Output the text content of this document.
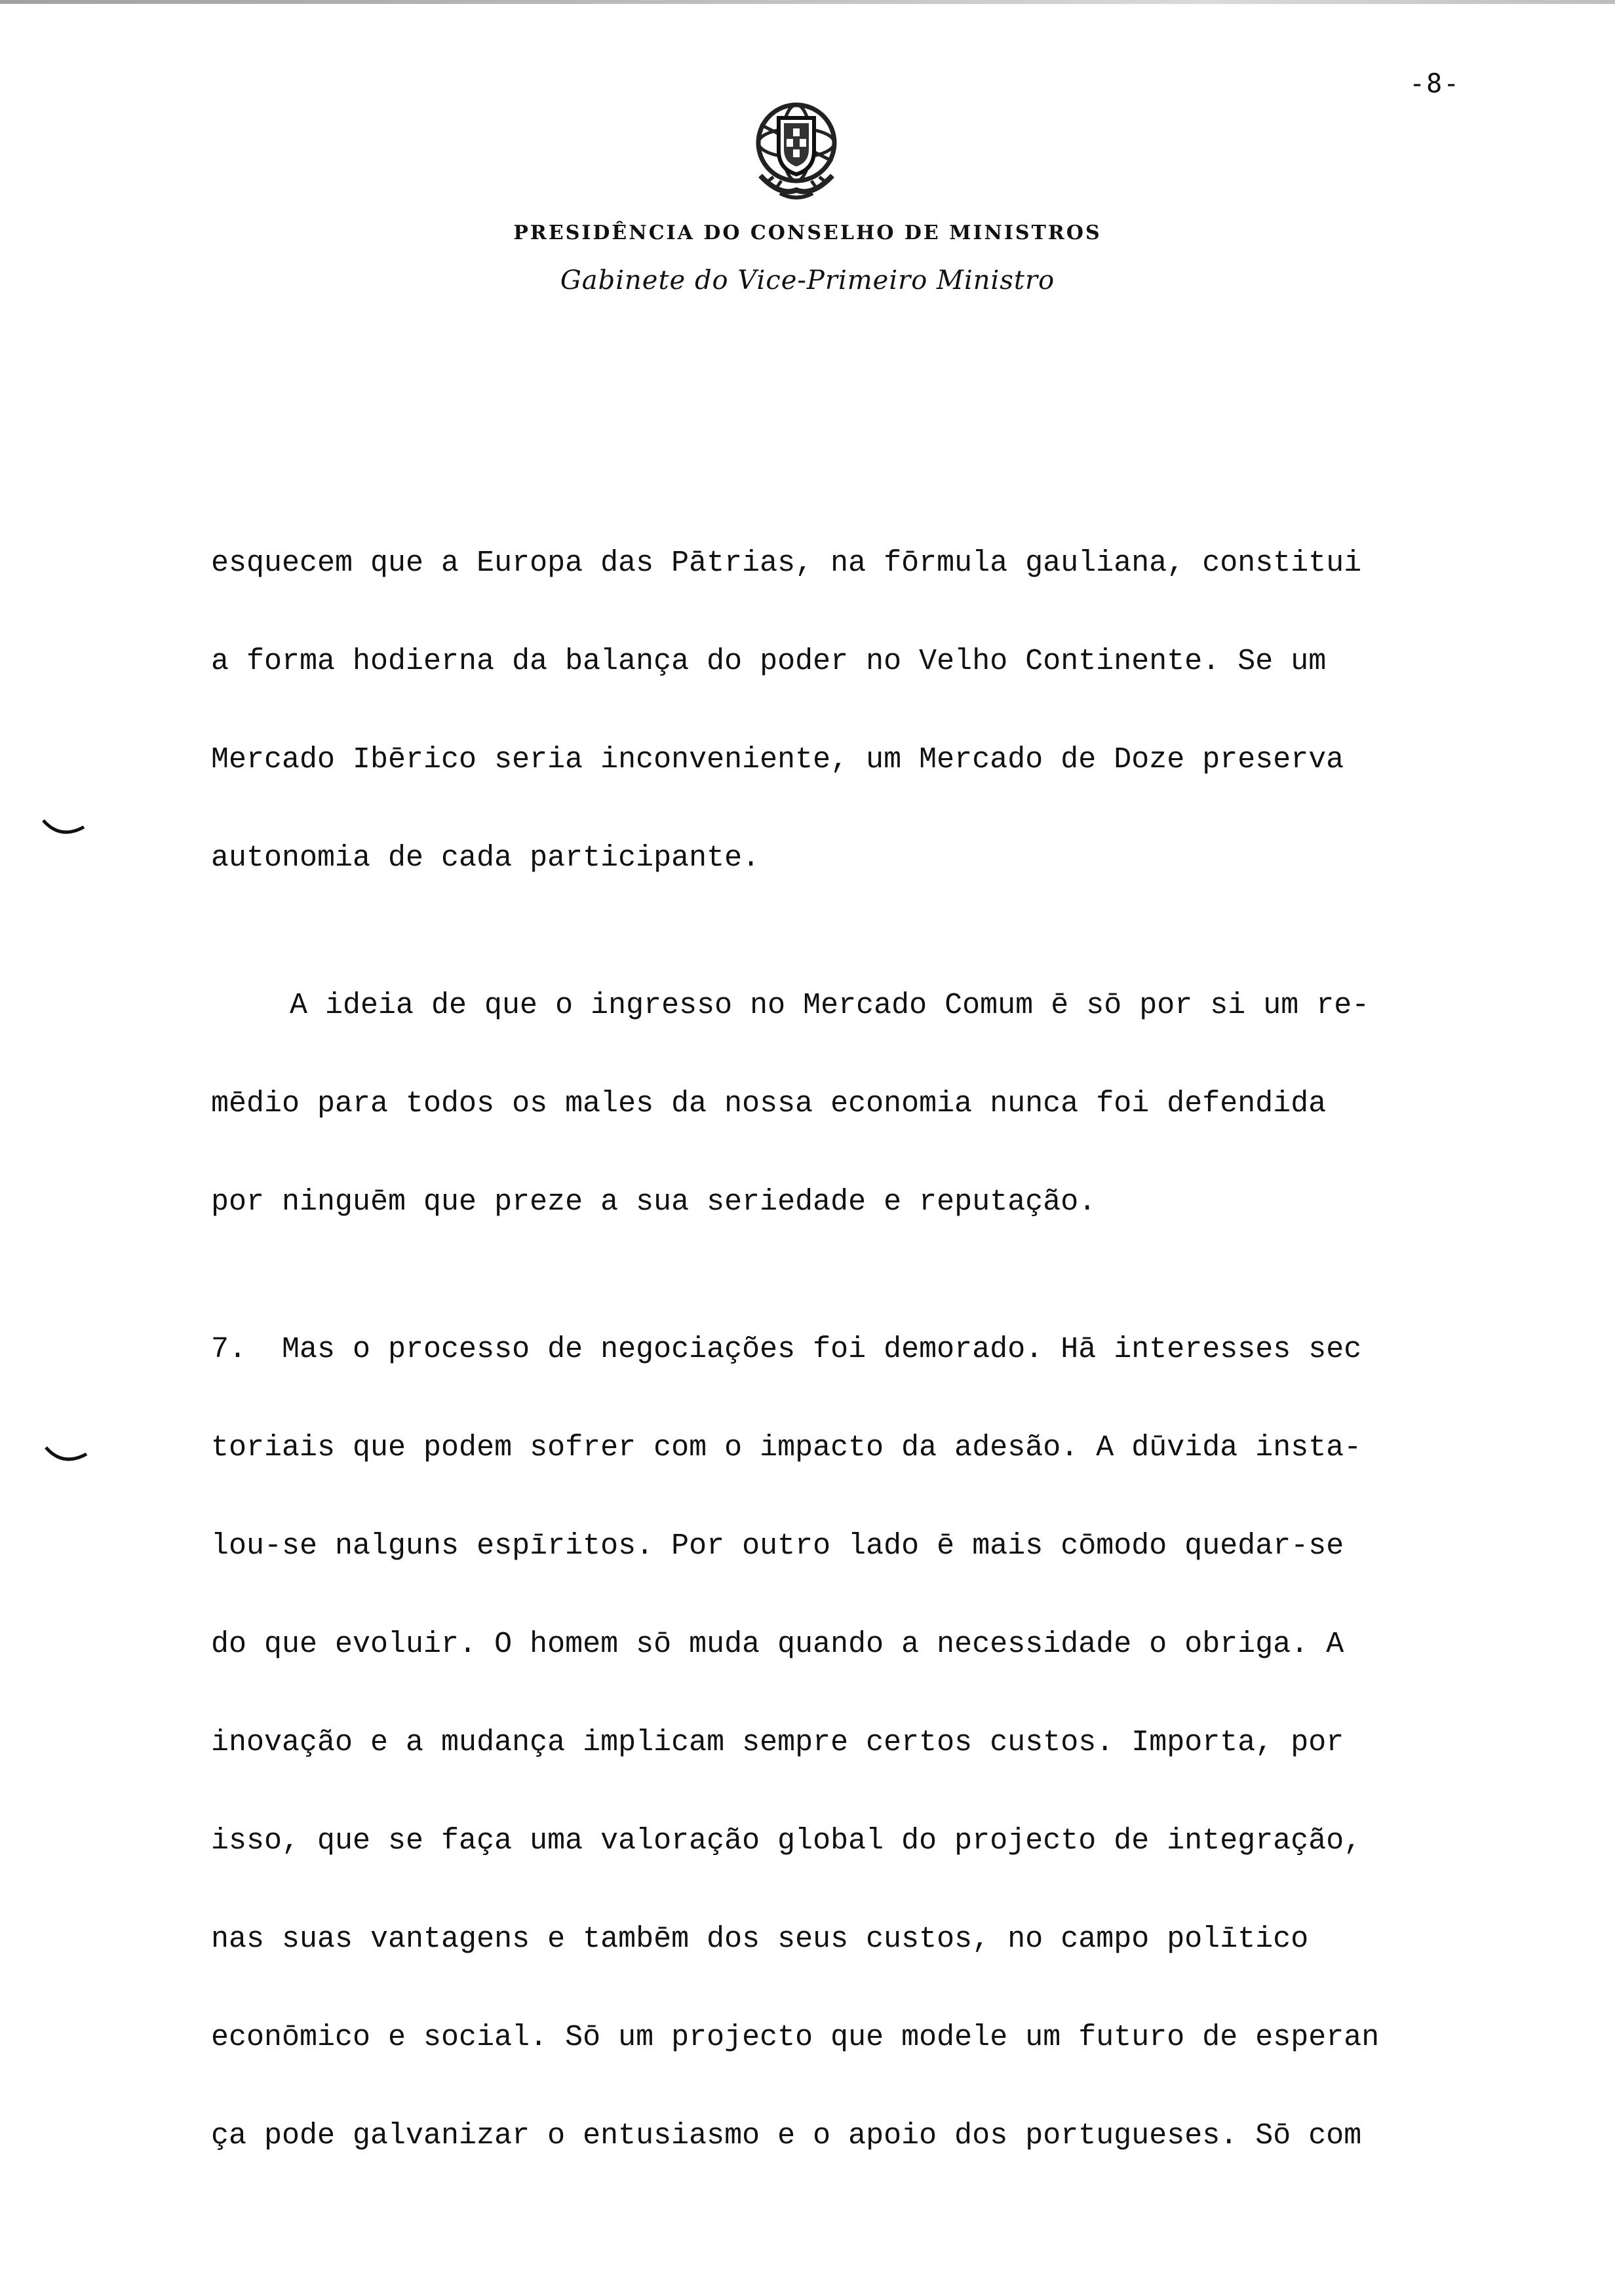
-8-
PRESIDÊNCIA DO CONSELHO DE MINISTROS
Gabinete do Vice-Primeiro Ministro
esquecem que a Europa das Pātrias, na fōrmula gauliana, constitui
a forma hodierna da balança do poder no Velho Continente. Se um
Mercado Ibērico seria inconveniente, um Mercado de Doze preserva
autonomia de cada participante.
A ideia de que o ingresso no Mercado Comum ē sō por si um re-
mēdio para todos os males da nossa economia nunca foi defendida
por ninguēm que preze a sua seriedade e reputação.
7.  Mas o processo de negociações foi demorado. Hā interesses sec
toriais que podem sofrer com o impacto da adesão. A dūvida insta-
lou-se nalguns espīritos. Por outro lado ē mais cōmodo quedar-se
do que evoluir. O homem sō muda quando a necessidade o obriga. A
inovação e a mudança implicam sempre certos custos. Importa, por
isso, que se faça uma valoração global do projecto de integração,
nas suas vantagens e tambēm dos seus custos, no campo polītico
econōmico e social. Sō um projecto que modele um futuro de esperan
ça pode galvanizar o entusiasmo e o apoio dos portugueses. Sō com
